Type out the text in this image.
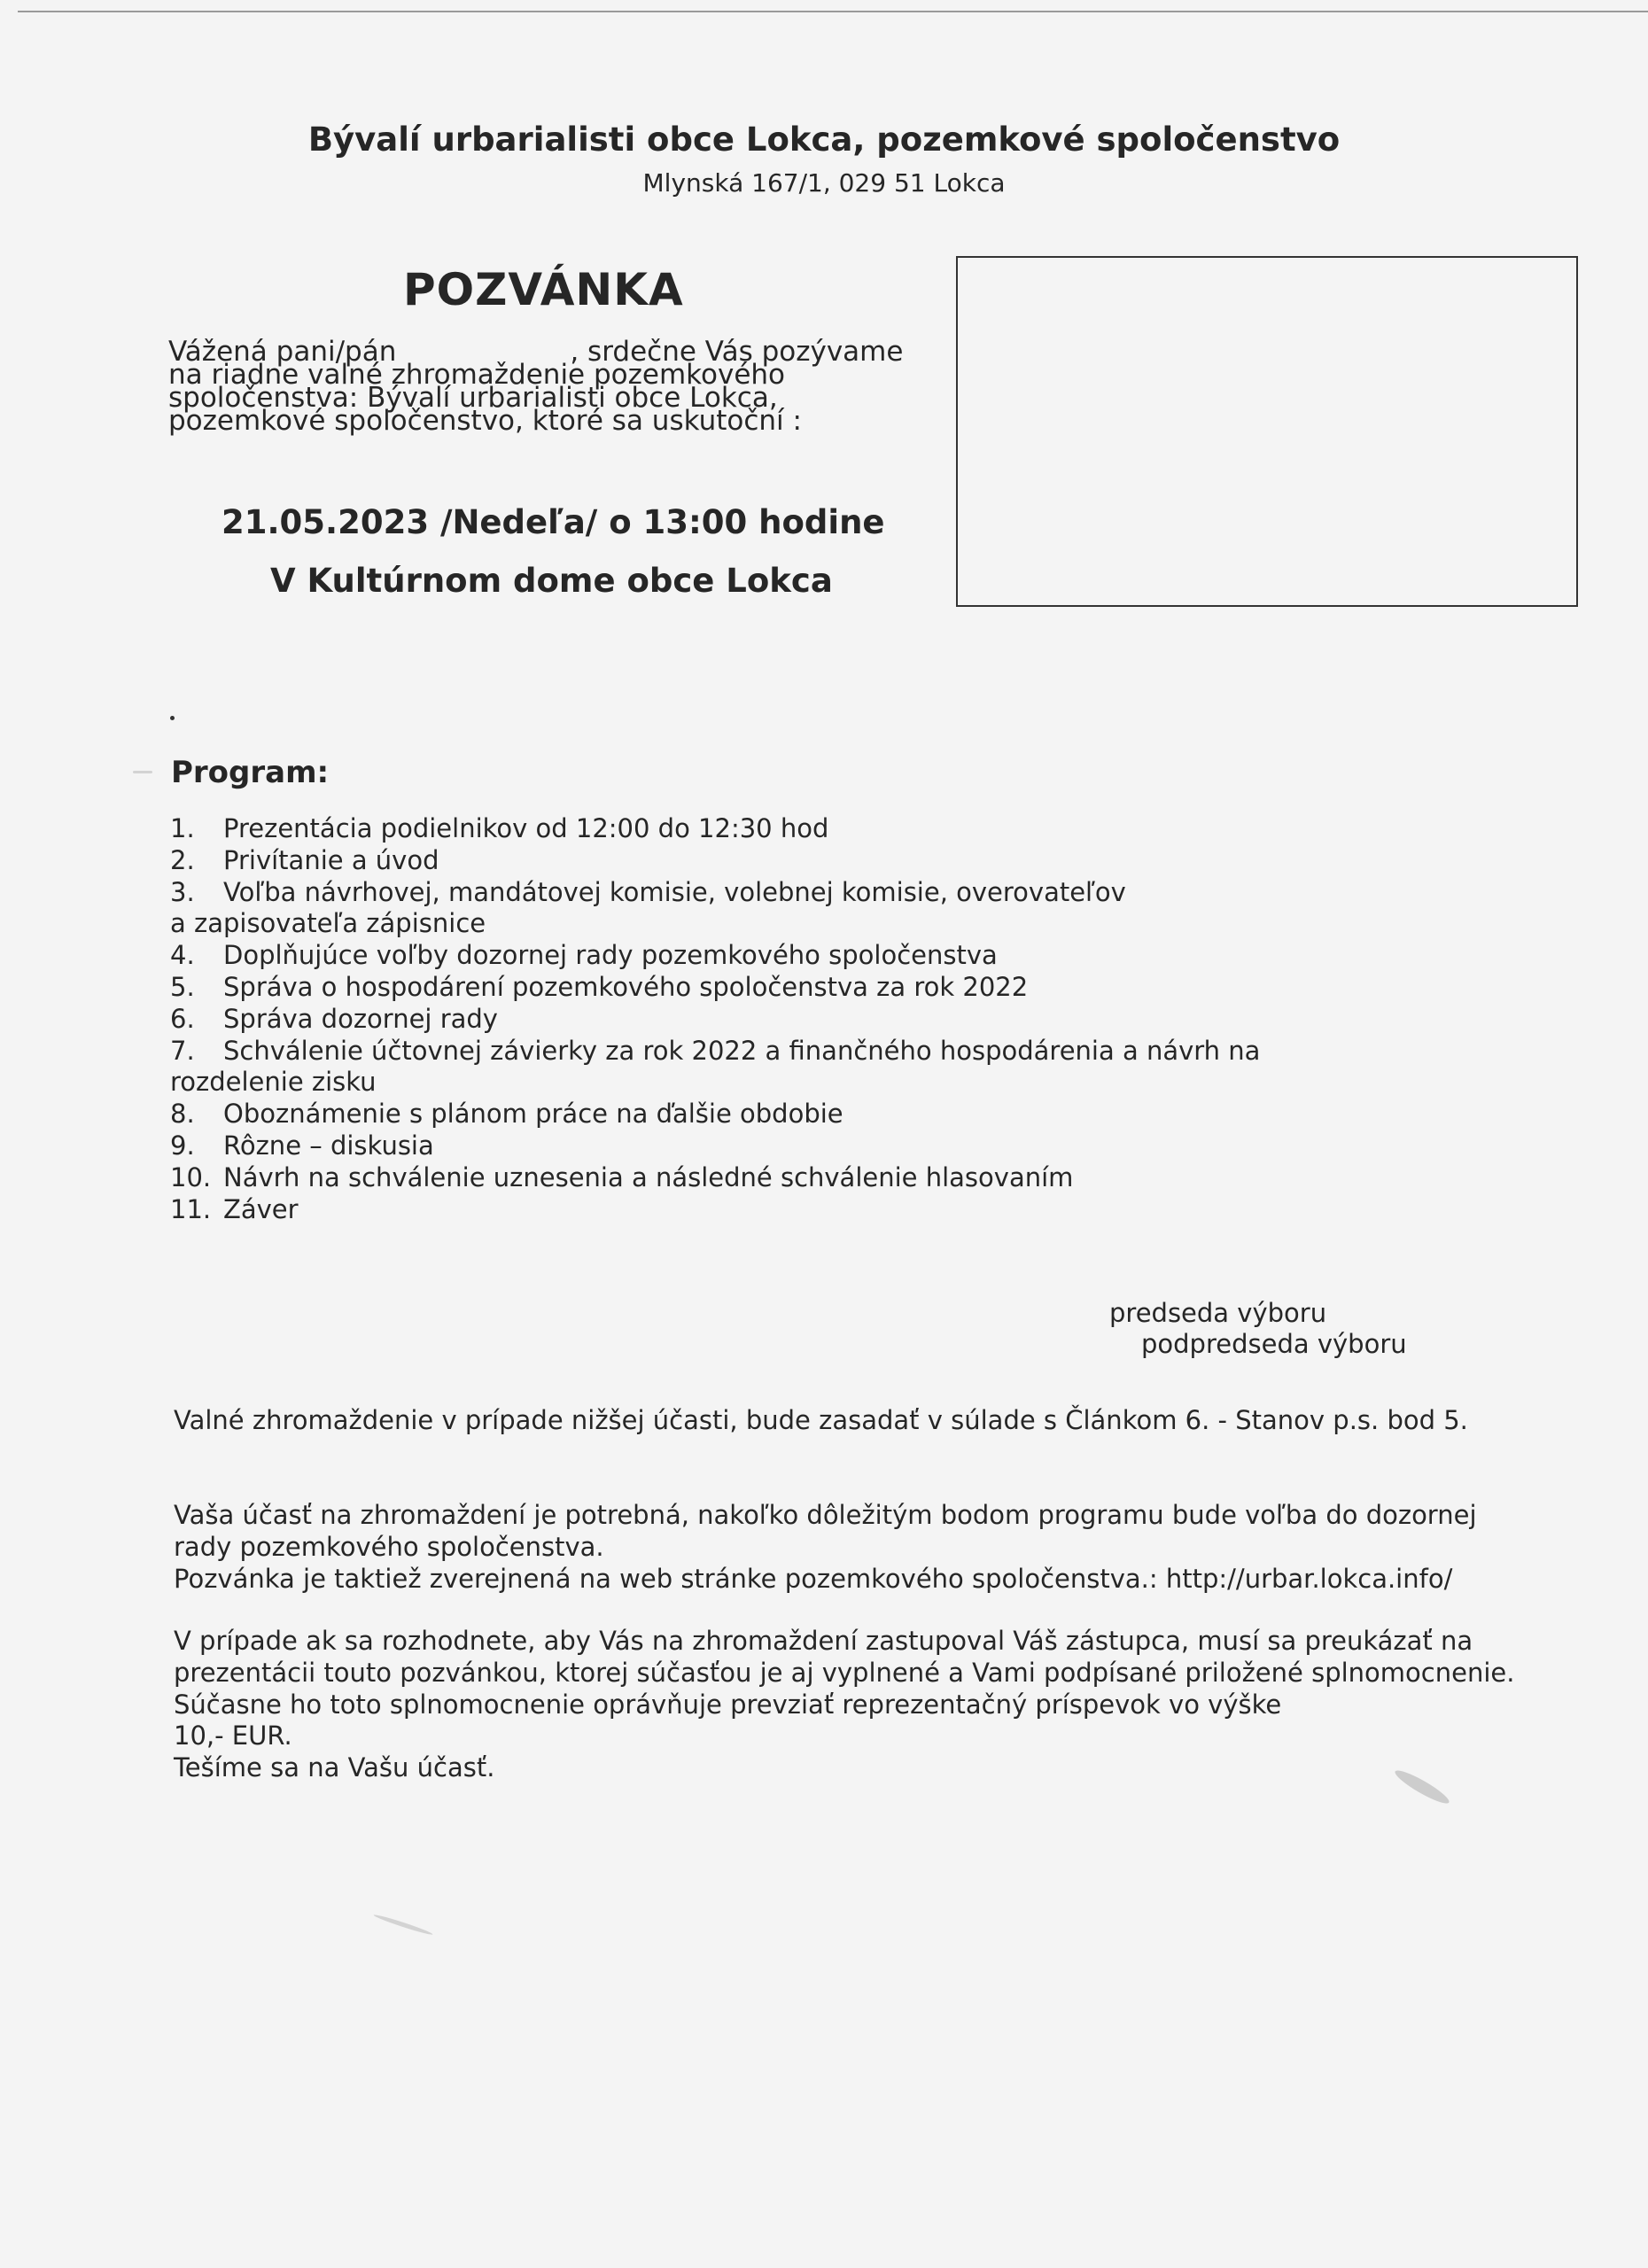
Bývalí urbarialisti obce Lokca, pozemkové spoločenstvo
Mlynská 167/1, 029 51 Lokca
POZVÁNKA
Vážená pani/pán	, srdečne Vás pozývame
na riadne valné zhromaždenie pozemkového
spoločenstva: Bývalí urbarialisti obce Lokca,
pozemkové spoločenstvo, ktoré sa uskutoční :
21.05.2023 /Nedeľa/ o 13:00 hodine
V Kultúrnom dome obce Lokca
Program:
1. Prezentácia podielnikov od 12:00 do 12:30 hod
2. Privítanie a úvod
3. Voľba návrhovej, mandátovej komisie, volebnej komisie, overovateľov
a zapisovateľa zápisnice
4. Doplňujúce voľby dozornej rady pozemkového spoločenstva
5. Správa o hospodárení pozemkového spoločenstva za rok 2022
6. Správa dozornej rady
7. Schválenie účtovnej závierky za rok 2022 a finančného hospodárenia a návrh na
rozdelenie zisku
8. Oboznámenie s plánom práce na ďalšie obdobie
9. Rôzne – diskusia
10. Návrh na schválenie uznesenia a následné schválenie hlasovaním
11. Záver
predseda výboru
podpredseda výboru
Valné zhromaždenie v prípade nižšej účasti, bude zasadať v súlade s Článkom 6. - Stanov p.s. bod 5.
Vaša účasť na zhromaždení je potrebná, nakoľko dôležitým bodom programu bude voľba do dozornej
rady pozemkového spoločenstva.
Pozvánka je taktiež zverejnená na web stránke pozemkového spoločenstva.: http://urbar.lokca.info/
V prípade ak sa rozhodnete, aby Vás na zhromaždení zastupoval Váš zástupca, musí sa preukázať na
prezentácii touto pozvánkou, ktorej súčasťou je aj vyplnené a Vami podpísané priložené splnomocnenie.
Súčasne ho toto splnomocnenie oprávňuje prevziať reprezentačný príspevok vo výške
10,- EUR.
Tešíme sa na Vašu účasť.
